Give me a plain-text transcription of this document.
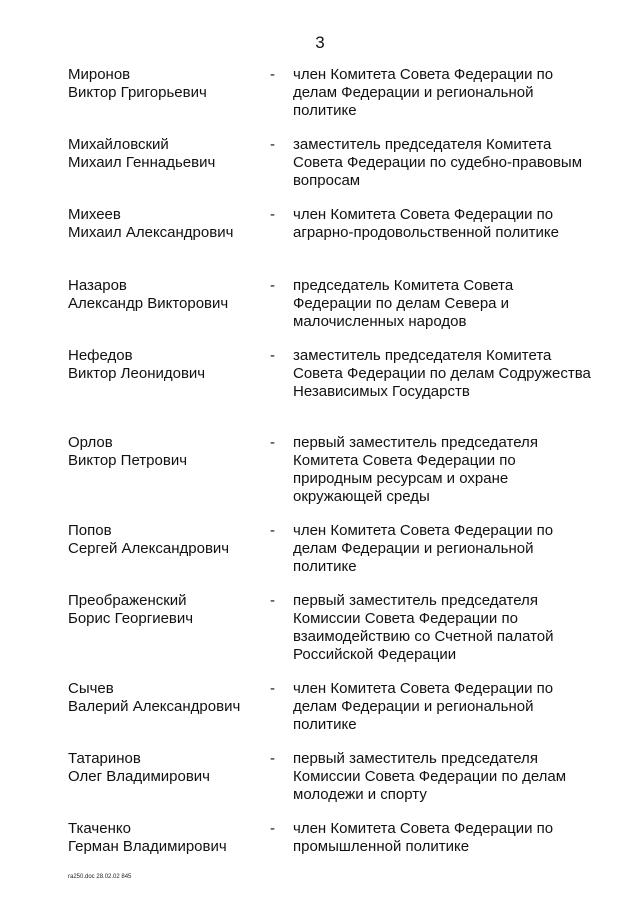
3
Миронов
Виктор Григорьевич
- член Комитета Совета Федерации по делам Федерации и региональной политике
Михайловский
Михаил Геннадьевич
- заместитель председателя Комитета Совета Федерации по судебно-правовым вопросам
Михеев
Михаил Александрович
- член Комитета Совета Федерации по аграрно-продовольственной политике
Назаров
Александр Викторович
- председатель Комитета Совета Федерации по делам Севера и малочисленных народов
Нефедов
Виктор Леонидович
- заместитель председателя Комитета Совета Федерации по делам Содружества Независимых Государств
Орлов
Виктор Петрович
- первый заместитель председателя Комитета Совета Федерации по природным ресурсам и охране окружающей среды
Попов
Сергей Александрович
- член Комитета Совета Федерации по делам Федерации и региональной политике
Преображенский
Борис Георгиевич
- первый заместитель председателя Комиссии Совета Федерации по взаимодействию со Счетной палатой Российской Федерации
Сычев
Валерий Александрович
- член Комитета Совета Федерации по делам Федерации и региональной политике
Татаринов
Олег Владимирович
- первый заместитель председателя Комиссии Совета Федерации по делам молодежи и спорту
Ткаченко
Герман Владимирович
- член Комитета Совета Федерации по промышленной политике
ra250.doc 28.02.02 845
